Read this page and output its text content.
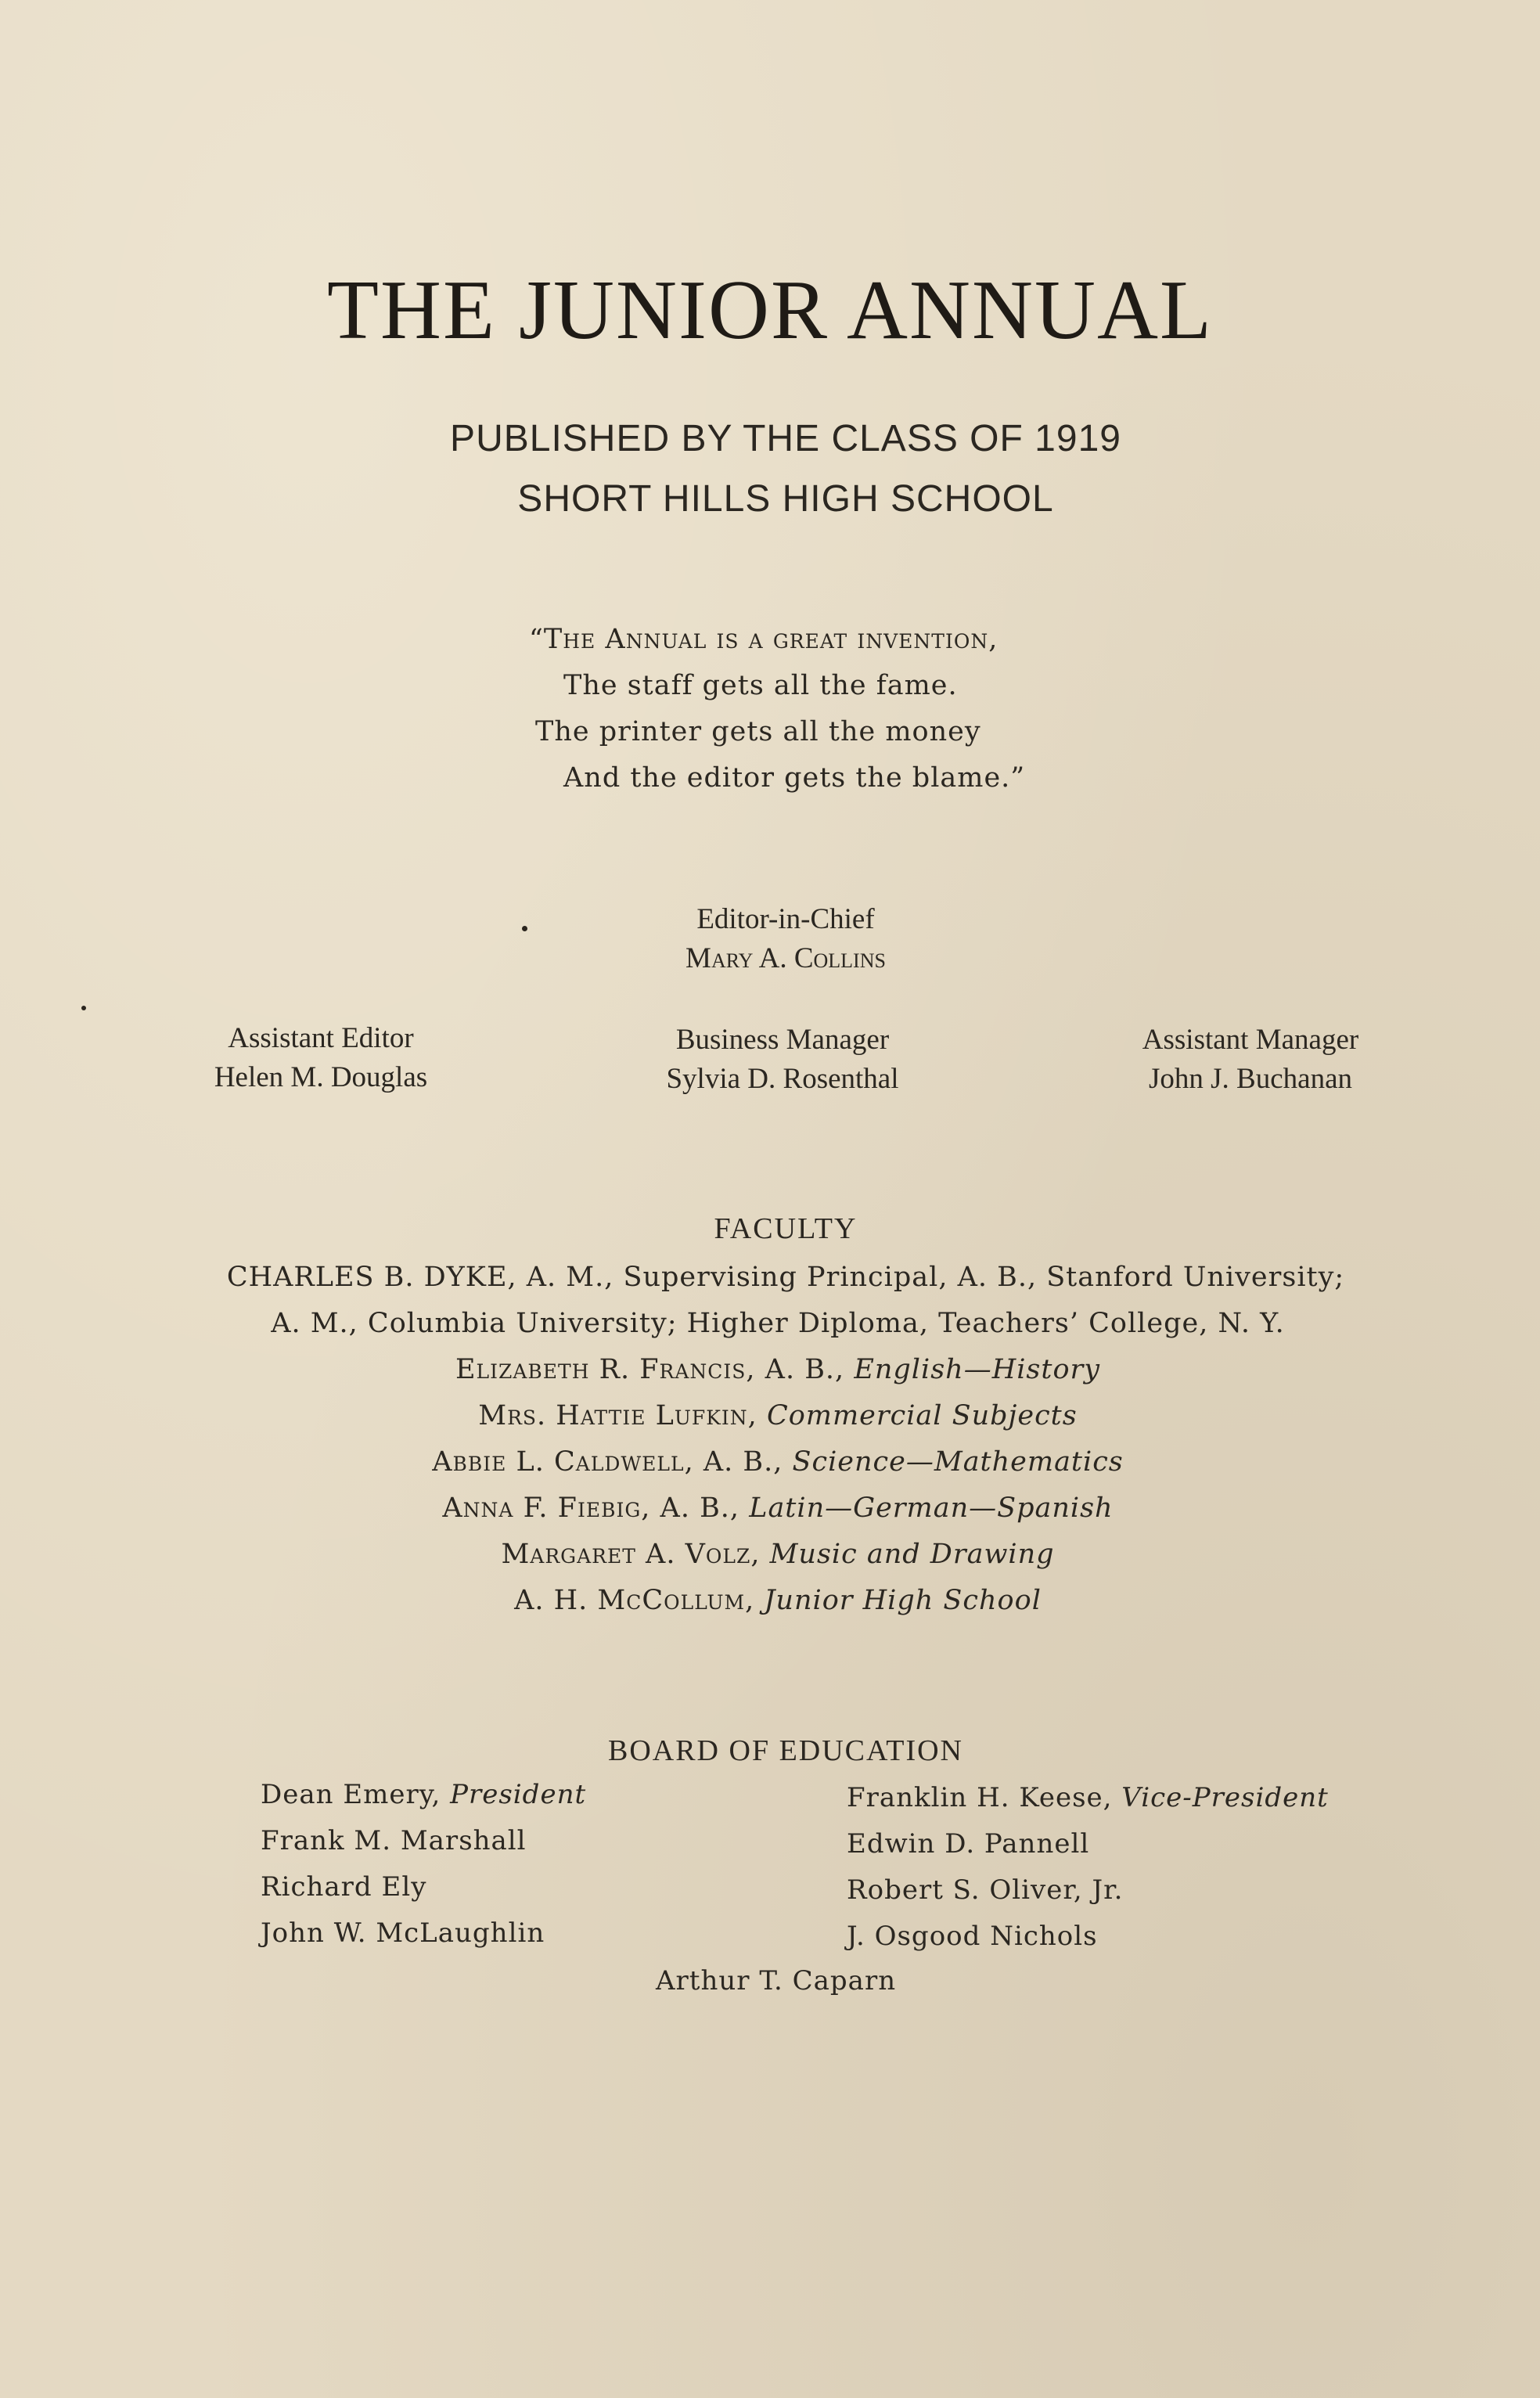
THE JUNIOR ANNUAL
PUBLISHED BY THE CLASS OF 1919
SHORT HILLS HIGH SCHOOL
“The Annual is a great invention,
The staff gets all the fame.
The printer gets all the money
And the editor gets the blame.”
Editor-in-Chief
Mary A. Collins
Assistant Editor
Helen M. Douglas
Business Manager
Sylvia D. Rosenthal
Assistant Manager
John J. Buchanan
FACULTY
CHARLES B. DYKE, A. M., Supervising Principal, A. B., Stanford University;
A. M., Columbia University; Higher Diploma, Teachers’ College, N. Y.
Elizabeth R. Francis, A. B., English—History
Mrs. Hattie Lufkin, Commercial Subjects
Abbie L. Caldwell, A. B., Science—Mathematics
Anna F. Fiebig, A. B., Latin—German—Spanish
Margaret A. Volz, Music and Drawing
A. H. McCollum, Junior High School
BOARD OF EDUCATION
Dean Emery, President
Frank M. Marshall
Richard Ely
John W. McLaughlin
Franklin H. Keese, Vice-President
Edwin D. Pannell
Robert S. Oliver, Jr.
J. Osgood Nichols
Arthur T. Caparn
